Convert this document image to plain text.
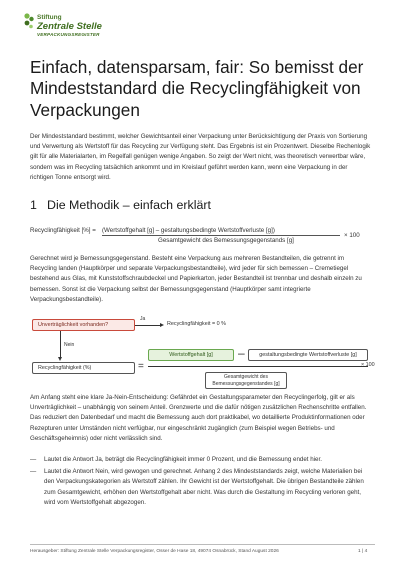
Stiftung
Zentrale Stelle
VERPACKUNGSREGISTER
Einfach, datensparsam, fair: So bemisst der Mindeststandard die Recyclingfähigkeit von Verpackungen

Der Mindeststandard bestimmt, welcher Gewichtsanteil einer Verpackung unter Berücksichtigung der Praxis von Sortierung und Verwertung als Wertstoff für das Recycling zur Verfügung steht. Das Ergebnis ist ein Prozentwert. Dieselbe Rechenlogik gilt für alle Materialarten, im Regelfall genügen wenige Angaben. So zeigt der Wert nicht, was theoretisch verwertbar wäre, sondern was im Recycling tatsächlich ankommt und im Kreislauf geführt werden kann, wenn eine Verpackung in der richtigen Tonne entsorgt wird.

1 Die Methodik – einfach erklärt
Recyclingfähigkeit [%] = (Wertstoffgehalt [g] – gestaltungsbedingte Wertstoffverluste [g])
Gesamtgewicht des Bemessungsgegenstands [g]
× 100

Gerechnet wird je Bemessungsgegenstand. Besteht eine Verpackung aus mehreren Bestandteilen, die getrennt im Recycling landen (Hauptkörper und separate Verpackungsbestandteile), wird jeder für sich bemessen – Cremetiegel bestehend aus Glas, mit Kunststoffschraubdeckel und Papierkarton, jeder Bestandteil ist trennbar und deshalb einzeln zu bemessen. Sonst ist die Verpackung selbst der Bemessungsgegenstand (Hauptkörper samt integrierte Verpackungsbestandteile).

Unverträglichkeit vorhanden?
Ja
Recyclingfähigkeit = 0 %
Nein
Recyclingfähigkeit (%)	=
Wertstoffgehalt [g]	–	gestaltungsbedingte Wertstoffverluste [g]
× 100
Gesamtgewicht des
Bemessungsgegenstandes [g]

Am Anfang steht eine klare Ja-Nein-Entscheidung: Gefährdet ein Gestaltungsparameter den Recyclingerfolg, gilt er als Unverträglichkeit – unabhängig von seinem Anteil. Grenzwerte und die dafür nötigen zusätzlichen Rechenschritte entfallen. Das reduziert den Datenbedarf und macht die Bemessung auch dort praktikabel, wo detaillierte Produktinformationen oder Rezepturen unter Umständen nicht verfügbar, nur eingeschränkt zugänglich (zum Beispiel wegen Betriebs- und Geschäftsgeheimnis) oder nicht verlässlich sind.

— Lautet die Antwort Ja, beträgt die Recyclingfähigkeit immer 0 Prozent, und die Bemessung endet hier.
— Lautet die Antwort Nein, wird gewogen und gerechnet. Anhang 2 des Mindeststandards zeigt, welche Materialien bei den Verpackungskategorien als Wertstoff zählen. Ihr Gewicht ist der Wertstoffgehalt. Die übrigen Bestandteile zählen zum Gesamtgewicht, erhöhen den Wertstoffgehalt aber nicht. Was durch die Gestaltung im Recycling verloren geht, wird vom Wertstoffgehalt abgezogen.
Herausgeber: Stiftung Zentrale Stelle Verpackungsregister, Osser de Hase 18, 49074 Osnabrück, Stand August 2026	1 | 4
